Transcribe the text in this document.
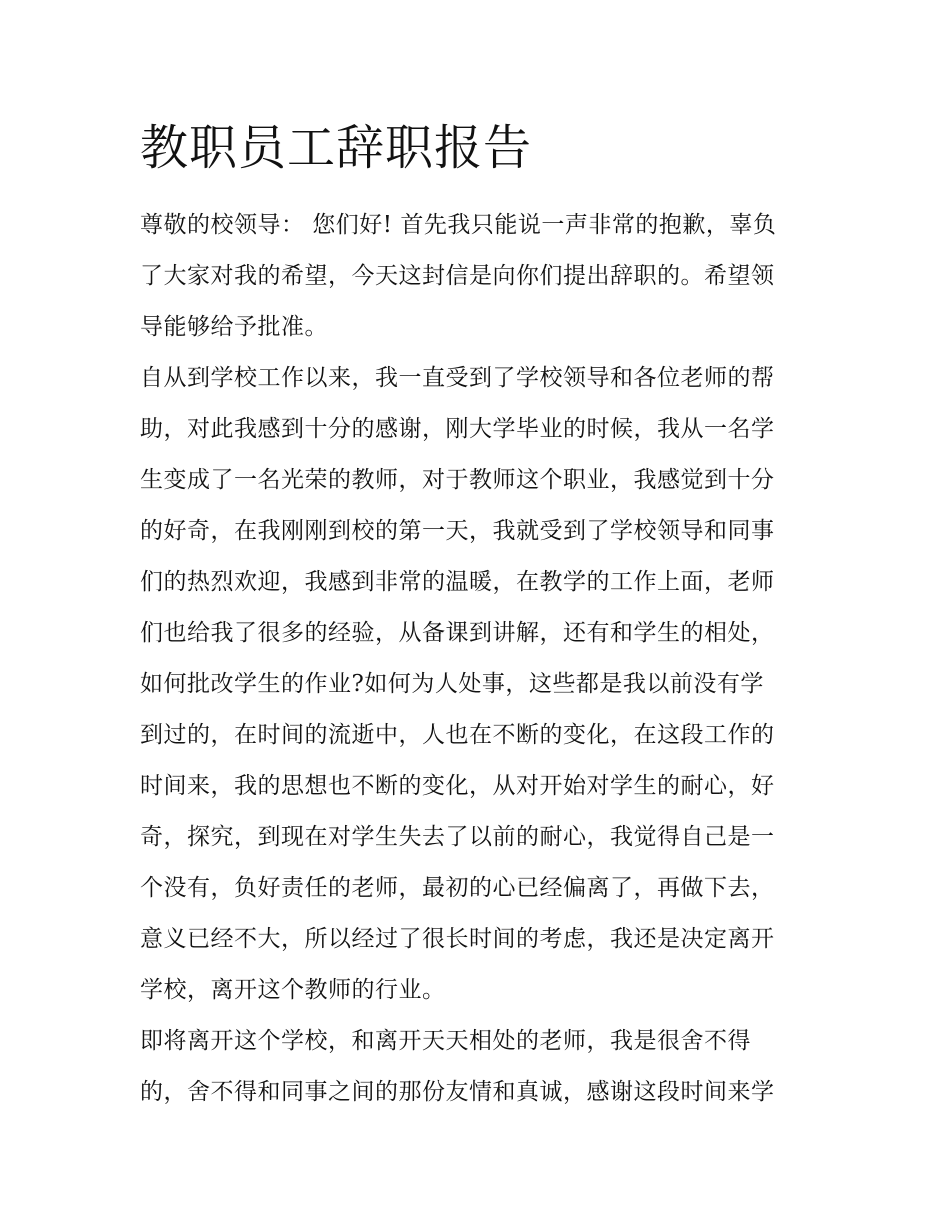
教职员工辞职报告

尊敬的校领导： 您们好! 首先我只能说一声非常的抱歉，辜负
了大家对我的希望，今天这封信是向你们提出辞职的。希望领
导能够给予批准。

自从到学校工作以来，我一直受到了学校领导和各位老师的帮
助，对此我感到十分的感谢，刚大学毕业的时候，我从一名学
生变成了一名光荣的教师，对于教师这个职业，我感觉到十分
的好奇，在我刚刚到校的第一天，我就受到了学校领导和同事
们的热烈欢迎，我感到非常的温暖，在教学的工作上面，老师
们也给我了很多的经验，从备课到讲解，还有和学生的相处，
如何批改学生的作业?如何为人处事，这些都是我以前没有学
到过的，在时间的流逝中，人也在不断的变化，在这段工作的
时间来，我的思想也不断的变化，从对开始对学生的耐心，好
奇，探究，到现在对学生失去了以前的耐心，我觉得自己是一
个没有，负好责任的老师，最初的心已经偏离了，再做下去，
意义已经不大，所以经过了很长时间的考虑，我还是决定离开
学校，离开这个教师的行业。

即将离开这个学校，和离开天天相处的老师，我是很舍不得
的，舍不得和同事之间的那份友情和真诚，感谢这段时间来学
